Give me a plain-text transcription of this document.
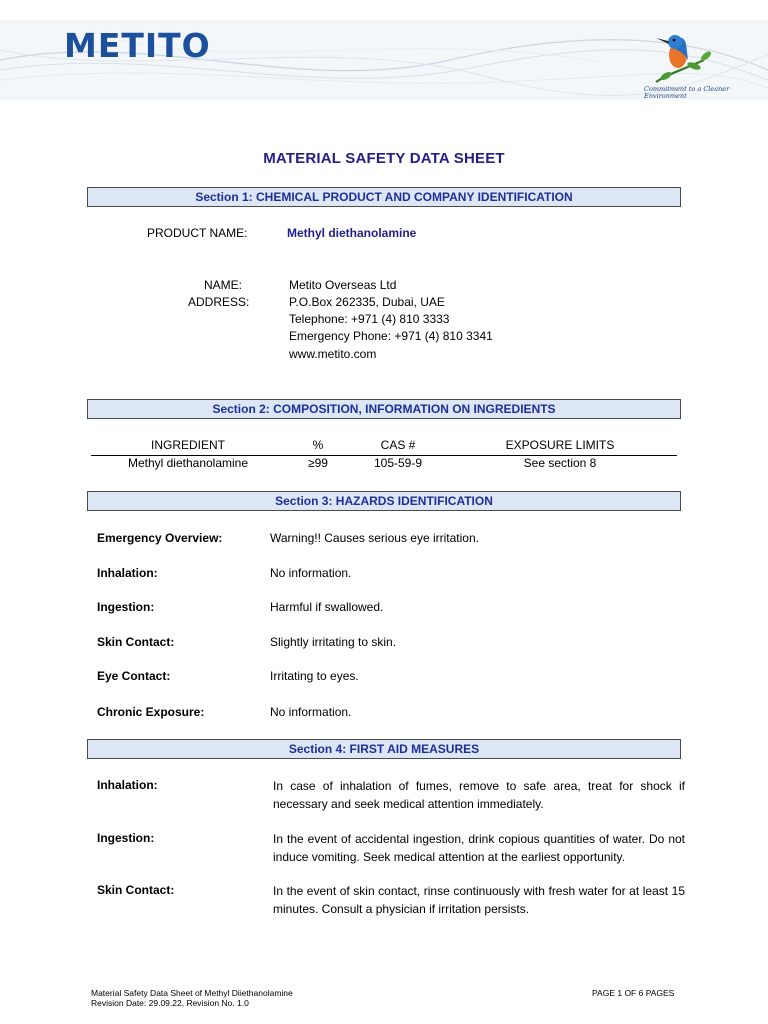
METITO
Commitment to a Cleaner Environment
MATERIAL SAFETY DATA SHEET
Section 1: CHEMICAL PRODUCT AND COMPANY IDENTIFICATION
PRODUCT NAME:	Methyl diethanolamine
NAME:	Metito Overseas Ltd
ADDRESS:	P.O.Box 262335, Dubai, UAE
Telephone: +971 (4) 810 3333
Emergency Phone: +971 (4) 810 3341
www.metito.com
Section 2: COMPOSITION, INFORMATION ON INGREDIENTS
INGREDIENT	%	CAS #	EXPOSURE LIMITS
Methyl diethanolamine	≥99	105-59-9	See section 8
Section 3: HAZARDS IDENTIFICATION
Emergency Overview:	Warning!! Causes serious eye irritation.
Inhalation:	No information.
Ingestion:	Harmful if swallowed.
Skin Contact:	Slightly irritating to skin.
Eye Contact:	Irritating to eyes.
Chronic Exposure:	No information.
Section 4: FIRST AID MEASURES
Inhalation:	In case of inhalation of fumes, remove to safe area, treat for shock if necessary and seek medical attention immediately.
Ingestion:	In the event of accidental ingestion, drink copious quantities of water. Do not induce vomiting. Seek medical attention at the earliest opportunity.
Skin Contact:	In the event of skin contact, rinse continuously with fresh water for at least 15 minutes. Consult a physician if irritation persists.
Material Safety Data Sheet of Methyl Diiethanolamine
Revision Date: 29.09.22, Revision No. 1.0
PAGE 1 OF 6 PAGES
